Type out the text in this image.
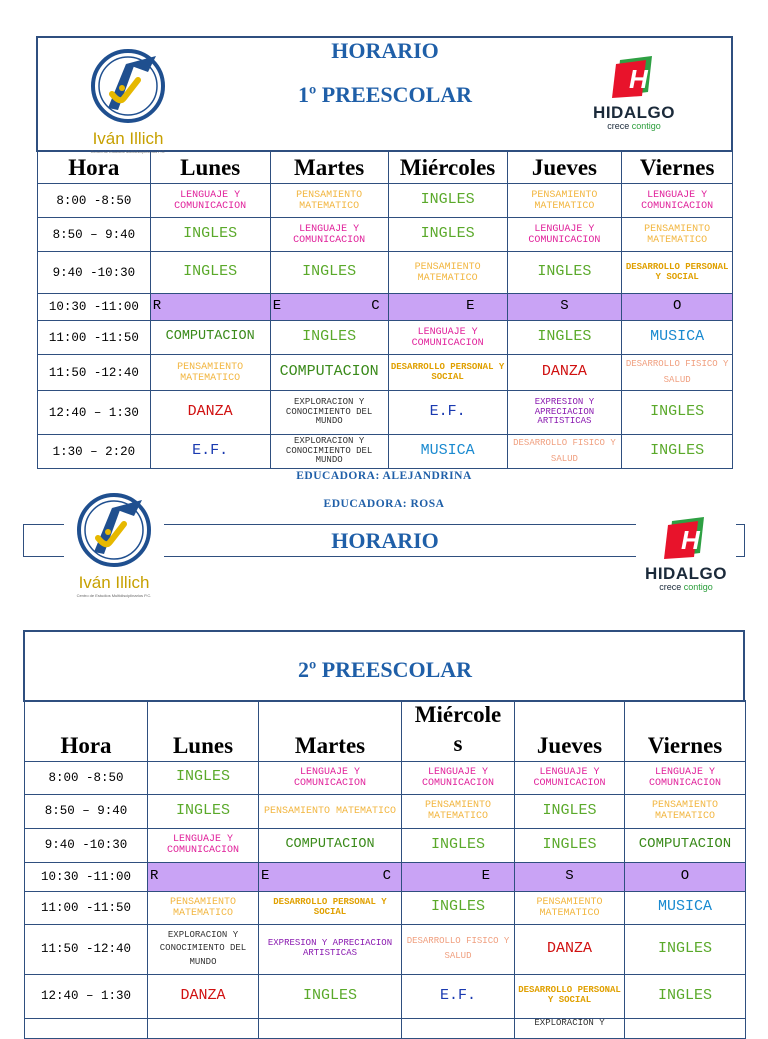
Iván Illich
Centro de Estudios Multidisciplinarios P.C.
HORARIO
1º PREESCOLAR
H
HIDALGO
crece contigo
Hora	Lunes	Martes	Miércoles	Jueves	Viernes
8:00 -8:50	LENGUAJE Y COMUNICACION	PENSAMIENTO MATEMATICO	INGLES	PENSAMIENTO MATEMATICO	LENGUAJE Y COMUNICACION

8:50 – 9:40	INGLES	LENGUAJE Y COMUNICACION	INGLES	LENGUAJE Y COMUNICACION	PENSAMIENTO MATEMATICO

9:40 -10:30	INGLES	INGLES	PENSAMIENTO MATEMATICO	INGLES	DESARROLLO PERSONAL Y SOCIAL

10:30 -11:00	R	E C	E	S	O

11:00 -11:50	COMPUTACION	INGLES	LENGUAJE Y COMUNICACION	INGLES	MUSICA

11:50 -12:40	PENSAMIENTO MATEMATICO	COMPUTACION	DESARROLLO PERSONAL Y SOCIAL	DANZA	DESARROLLO FISICO Y SALUD

12:40 – 1:30	DANZA	EXPLORACION Y CONOCIMIENTO DEL MUNDO	E.F.	EXPRESION Y APRECIACION ARTISTICAS	INGLES

1:30 – 2:20	E.F.	EXPLORACION Y CONOCIMIENTO DEL MUNDO	MUSICA	DESARROLLO FISICO Y SALUD	INGLES
EDUCADORA: ALEJANDRINA
EDUCADORA: ROSA
Iván Illich
Centro de Estudios Multidisciplinarios P.C.
HORARIO	H
HIDALGO
crece contigo
2º PREESCOLAR
Hora	Lunes	Martes	Miércole s	Jueves	Viernes
8:00 -8:50	INGLES	LENGUAJE Y COMUNICACION	LENGUAJE Y COMUNICACION	LENGUAJE Y COMUNICACION	LENGUAJE Y COMUNICACION

8:50 – 9:40	INGLES	PENSAMIENTO MATEMATICO	PENSAMIENTO MATEMATICO	INGLES	PENSAMIENTO MATEMATICO

9:40 -10:30	LENGUAJE Y COMUNICACION	COMPUTACION	INGLES	INGLES	COMPUTACION

10:30 -11:00	R	E C	E	S	O

11:00 -11:50	PENSAMIENTO MATEMATICO	DESARROLLO PERSONAL Y SOCIAL	INGLES	PENSAMIENTO MATEMATICO	MUSICA

11:50 -12:40	EXPLORACION Y CONOCIMIENTO DEL MUNDO	EXPRESION Y APRECIACION ARTISTICAS	DESARROLLO FISICO Y SALUD	DANZA	INGLES

12:40 – 1:30	DANZA	INGLES	E.F.	DESARROLLO PERSONAL Y SOCIAL	INGLES

				EXPLORACION Y	
